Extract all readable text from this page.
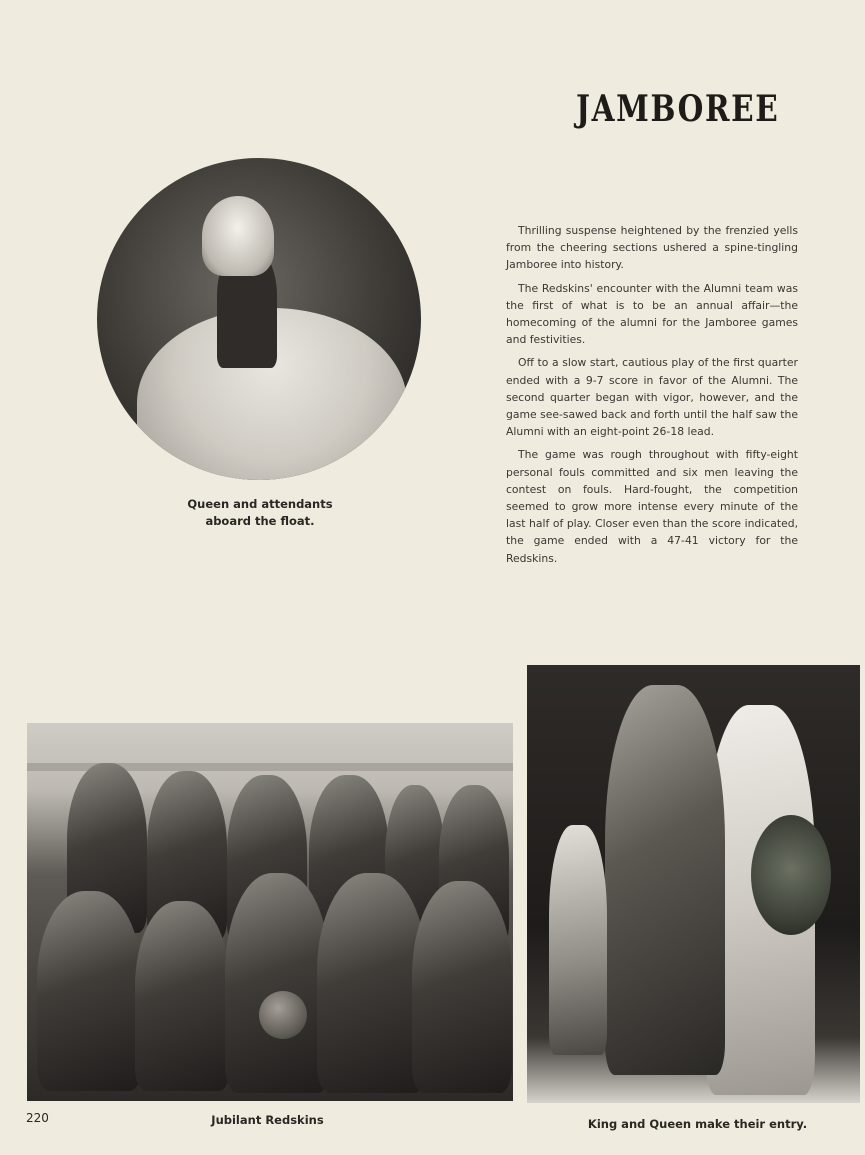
JAMBOREE
Queen and attendants
aboard the float.

Thrilling suspense heightened by the frenzied yells from the cheering sections ushered a spine-tingling Jamboree into history.

The Redskins' encounter with the Alumni team was the first of what is to be an annual affair—the homecoming of the alumni for the Jamboree games and festivities.

Off to a slow start, cautious play of the first quarter ended with a 9-7 score in favor of the Alumni. The second quarter began with vigor, however, and the game see-sawed back and forth until the half saw the Alumni with an eight-point 26-18 lead.

The game was rough throughout with fifty-eight personal fouls committed and six men leaving the contest on fouls. Hard-fought, the competition seemed to grow more intense every minute of the last half of play. Closer even than the score indicated, the game ended with a 47-41 victory for the Redskins.

Jubilant Redskins
220	King and Queen make their entry.
